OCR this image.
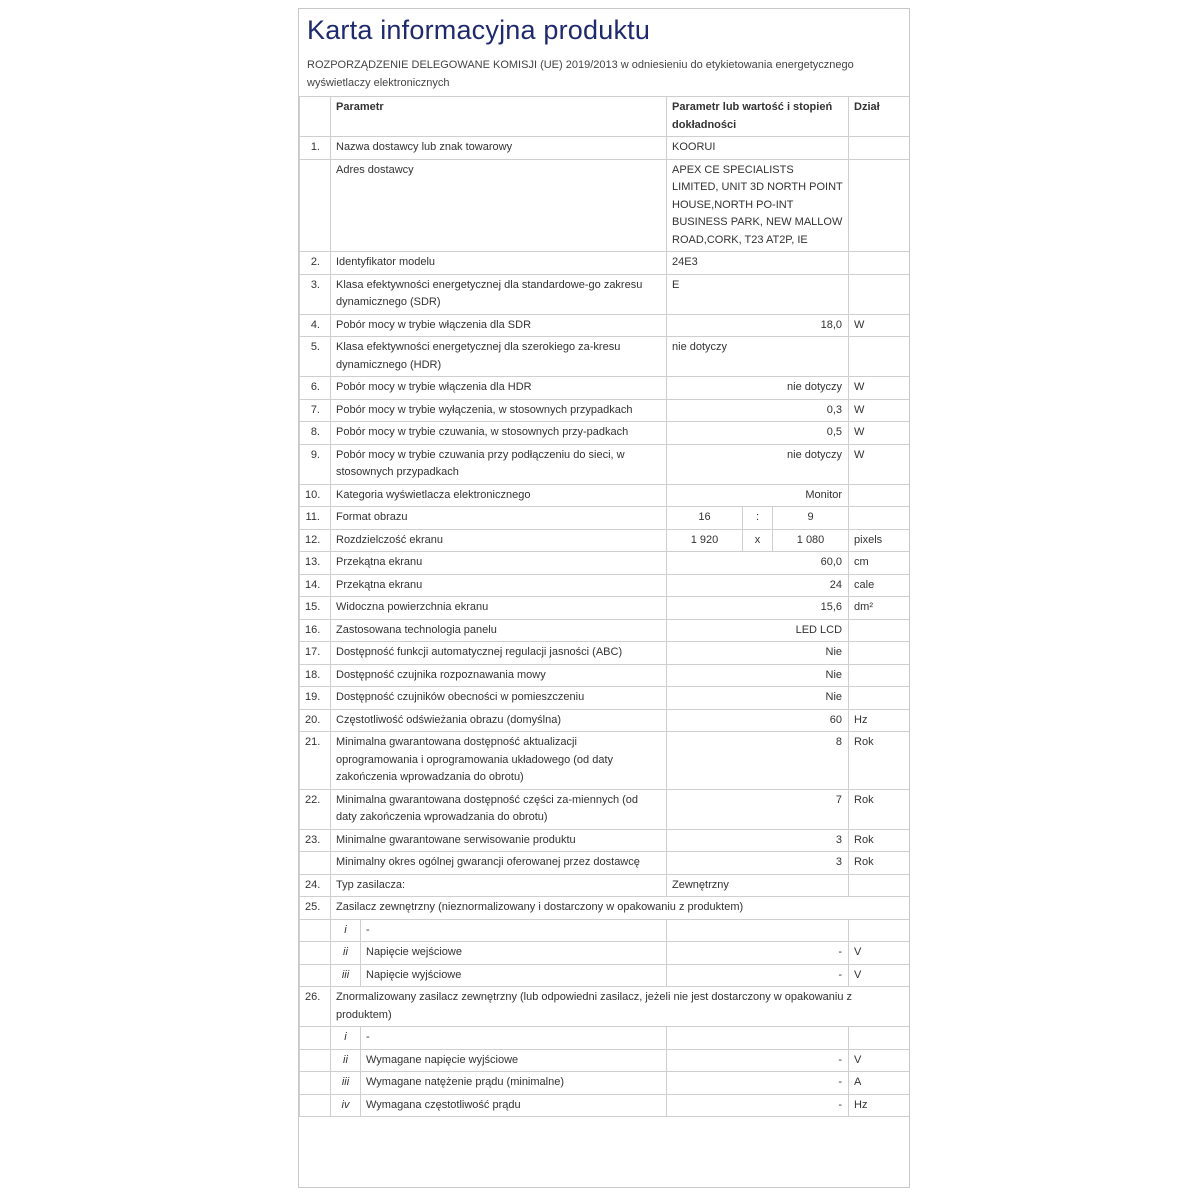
Karta informacyjna produktu
ROZPORZĄDZENIE DELEGOWANE KOMISJI (UE) 2019/2013 w odniesieniu do etykietowania energetycznego wyświetlaczy elektronicznych
	Parametr		Parametr lub wartość i stopień dokładności			Dział
1.	Nazwa dostawcy lub znak towarowy		KOORUI			
	Adres dostawcy		APEX CE SPECIALISTS LIMITED, UNIT 3D NORTH POINT HOUSE,NORTH PO-INT BUSINESS PARK, NEW MALLOW ROAD,CORK, T23 AT2P, IE			
2.	Identyfikator modelu		24E3			
3.	Klasa efektywności energetycznej dla standardowe-go zakresu dynamicznego (SDR)		E			
4.	Pobór mocy w trybie włączenia dla SDR		18,0			W
5.	Klasa efektywności energetycznej dla szerokiego za-kresu dynamicznego (HDR)		nie dotyczy			
6.	Pobór mocy w trybie włączenia dla HDR		nie dotyczy			W
7.	Pobór mocy w trybie wyłączenia, w stosownych przypadkach		0,3			W
8.	Pobór mocy w trybie czuwania, w stosownych przy-padkach		0,5			W
9.	Pobór mocy w trybie czuwania przy podłączeniu do sieci, w stosownych przypadkach		nie dotyczy			W
10.	Kategoria wyświetlacza elektronicznego		Monitor			
11.	Format obrazu		16	:	9	
12.	Rozdzielczość ekranu		1 920	x	1 080	pixels
13.	Przekątna ekranu		60,0			cm
14.	Przekątna ekranu		24			cale
15.	Widoczna powierzchnia ekranu		15,6			dm²
16.	Zastosowana technologia panelu		LED LCD			
17.	Dostępność funkcji automatycznej regulacji jasności (ABC)		Nie			
18.	Dostępność czujnika rozpoznawania mowy		Nie			
19.	Dostępność czujników obecności w pomieszczeniu		Nie			
20.	Częstotliwość odświeżania obrazu (domyślna)		60			Hz
21.	Minimalna gwarantowana dostępność aktualizacji oprogramowania i oprogramowania układowego (od daty zakończenia wprowadzania do obrotu)		8			Rok
22.	Minimalna gwarantowana dostępność części za-miennych (od daty zakończenia wprowadzania do obrotu)		7			Rok
23.	Minimalne gwarantowane serwisowanie produktu		3			Rok
	Minimalny okres ogólnej gwarancji oferowanej przez dostawcę		3			Rok
24.	Typ zasilacza:		Zewnętrzny			
25.	Zasilacz zewnętrzny (nieznormalizowany i dostarczony w opakowaniu z produktem)					
	i	-				
	ii	Napięcie wejściowe	-			V
	iii	Napięcie wyjściowe	-			V
26.	Znormalizowany zasilacz zewnętrzny (lub odpowiedni zasilacz, jeżeli nie jest dostarczony w opakowaniu z produktem)					
	i	-				
	ii	Wymagane napięcie wyjściowe	-			V
	iii	Wymagane natężenie prądu (minimalne)	-			A
	iv	Wymagana częstotliwość prądu	-			Hz
